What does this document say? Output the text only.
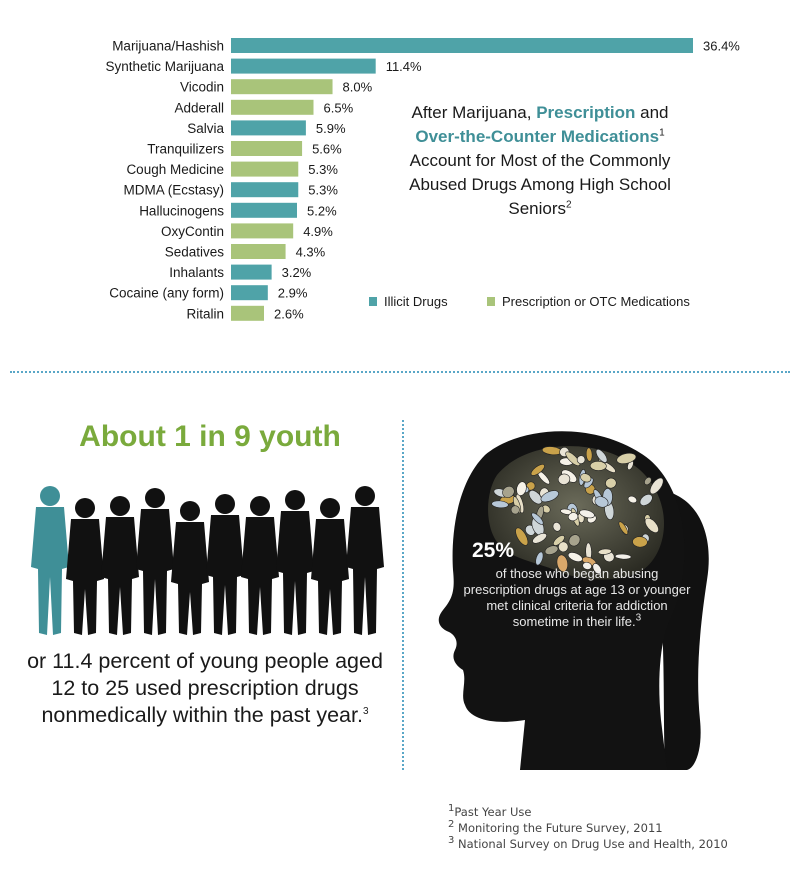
Marijuana/Hashish	36.4%
Synthetic Marijuana	11.4%
Vicodin	8.0%
Adderall	6.5%
Salvia	5.9%
Tranquilizers	5.6%
Cough Medicine	5.3%
MDMA (Ecstasy)	5.3%
Hallucinogens	5.2%
OxyContin	4.9%
Sedatives	4.3%
Inhalants	3.2%
Cocaine (any form)	2.9%
Ritalin	2.6%
After Marijuana, Prescription and Over-the-Counter Medications$^1$ Account for Most of the Commonly Abused Drugs Among High School Seniors$^2$
Illicit Drugs	Prescription or OTC Medications
About 1 in 9 youth
or 11.4 percent of young people aged 12 to 25 used prescription drugs nonmedically within the past year.$^3$
25%
of those who began abusing prescription drugs at age 13 or younger met clinical criteria for addiction sometime in their life.$^3$
$^1$Past Year Use
$^2$ Monitoring the Future Survey, 2011
$^3$ National Survey on Drug Use and Health, 2010
